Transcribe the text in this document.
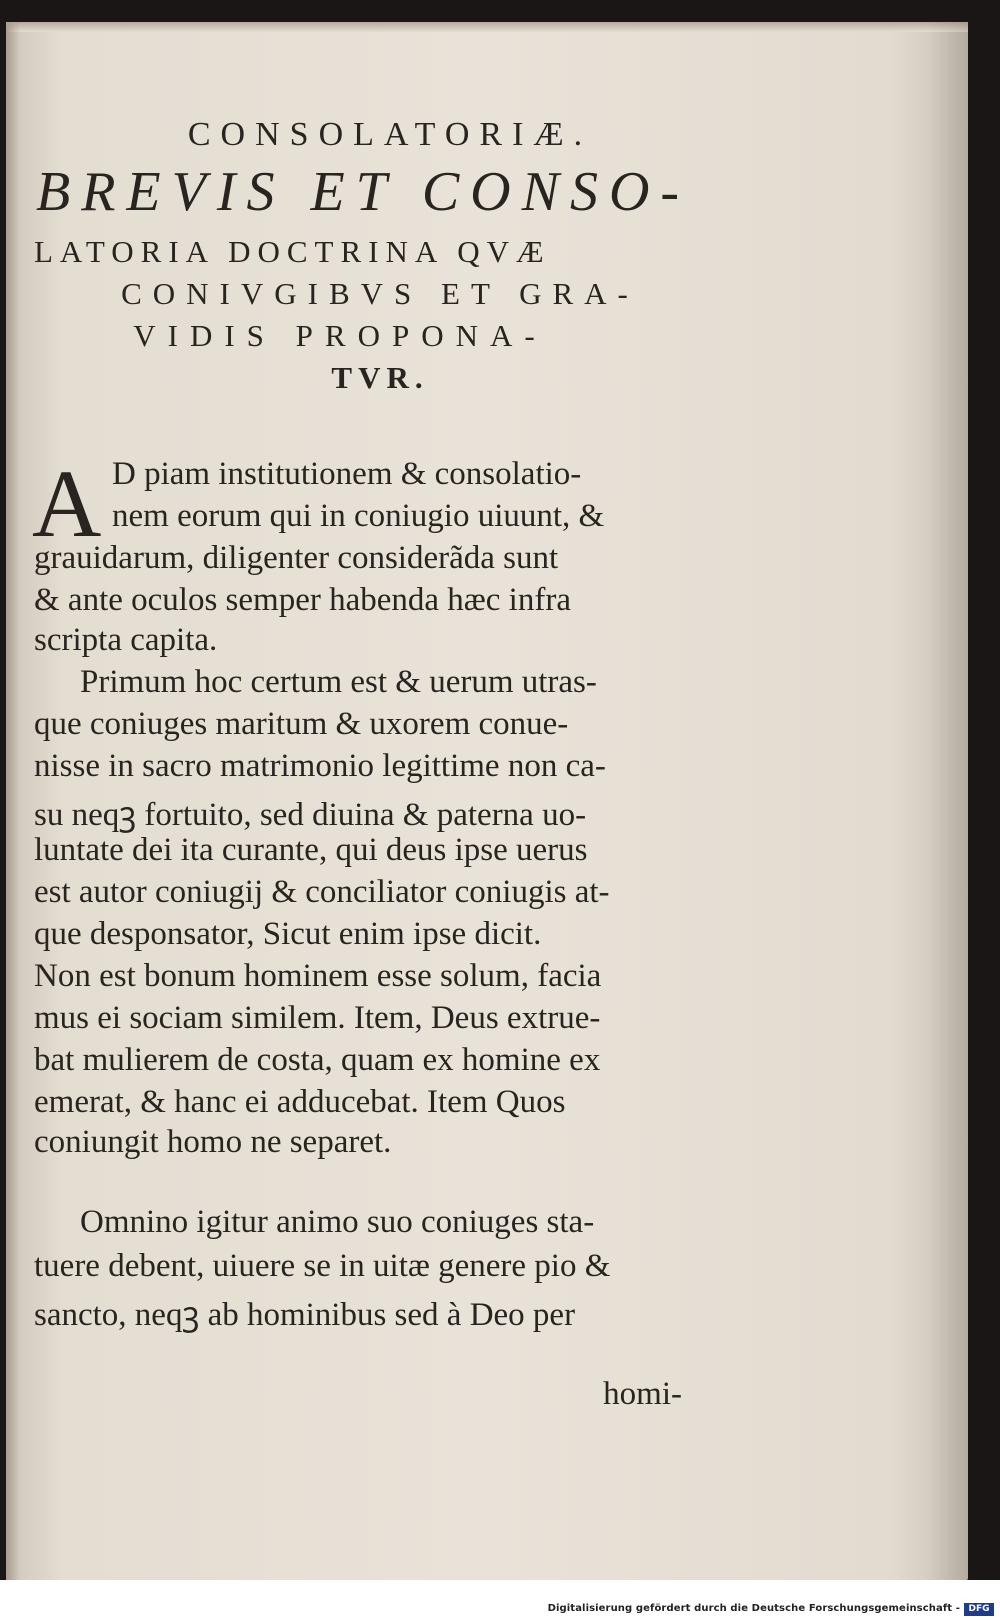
CONSOLATORIÆ.
BREVIS ET CONSO-
LATORIA DOCTRINA QVÆ
CONIVGIBVS ET GRA-
VIDIS PROPONA-
TVR.
A D piam institutionem & consolatio-
nem eorum qui in coniugio uiuunt, &
grauidarum, diligenter considerãda sunt
& ante oculos semper habenda hæc infra
scripta capita.
Primum hoc certum est & uerum utras-
que coniuges maritum & uxorem conue-
nisse in sacro matrimonio legittime non ca-
su neqꝫ fortuito, sed diuina & paterna uo-
luntate dei ita curante, qui deus ipse uerus
est autor coniugij & conciliator coniugis at-
que desponsator, Sicut enim ipse dicit.
Non est bonum hominem esse solum, facia
mus ei sociam similem. Item, Deus extrue-
bat mulierem de costa, quam ex homine ex
emerat, & hanc ei adducebat. Item Quos
coniungit homo ne separet.
Omnino igitur animo suo coniuges sta-
tuere debent, uiuere se in uitæ genere pio &
sancto, neqꝫ ab hominibus sed à Deo per
homi-
Digitalisierung gefördert durch die Deutsche Forschungsgemeinschaft - DFG
